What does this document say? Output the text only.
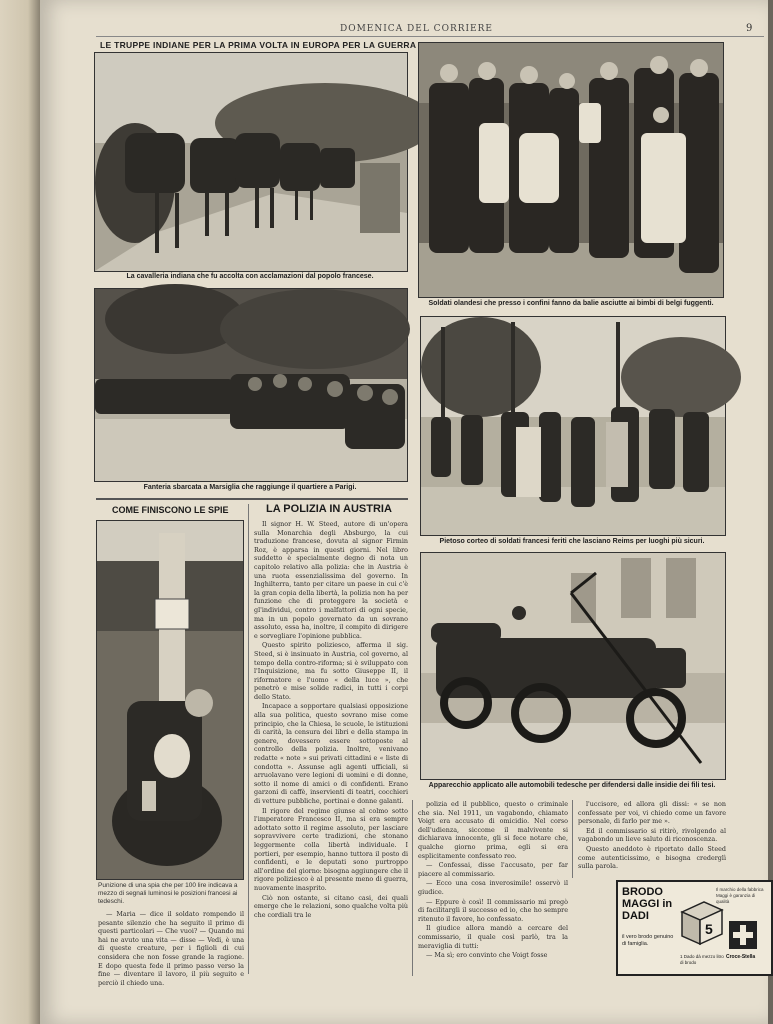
DOMENICA DEL CORRIERE	9
LE TRUPPE INDIANE PER LA PRIMA VOLTA IN EUROPA PER LA GUERRA
La cavalleria indiana che fu accolta con acclamazioni dal popolo francese.
Soldati olandesi che presso i confini fanno da balie asciutte ai bimbi di belgi fuggenti.
Fanteria sbarcata a Marsiglia che raggiunge il quartiere a Parigi.
Pietoso corteo di soldati francesi feriti che lasciano Reims per luoghi più sicuri.
Apparecchio applicato alle automobili tedesche per difendersi dalle insidie dei fili tesi.
COME FINISCONO LE SPIE
Punizione di una spia che per 100 lire indicava a mezzo di segnali luminosi le posizioni francesi ai tedeschi.

— Maria — dice il soldato rompendo il pesante silenzio che ha seguito il primo di questi particolari — Che vuoi? — Quando mi hai ne avuto una vita — disse — Vedi, è una di queste creature, per i figlioli di cui considera che non fosse grande la ragione. E dopo questa fede il primo passo verso la fine — diventare il lavoro, il più seguito e perciò il chiedo una.

LA POLIZIA IN AUSTRIA

Il signor H. W. Steed, autore di un'opera sulla Monarchia degli Absburgo, la cui traduzione francese, dovuta al signor Firmin Roz, è apparsa in questi giorni. Nel libro suddetto è specialmente degno di nota un capitolo relativo alla polizia: che in Austria è una ruota essenzialissima del governo. In Inghilterra, tanto per citare un paese in cui c'è la gran copia della libertà, la polizia non ha per funzione che di proteggere la società e gl'individui, contro i malfattori di ogni specie, ma in un popolo governato da un sovrano assoluto, essa ha, inoltre, il compito di dirigere e sorvegliare l'opinione pubblica.

Questo spirito poliziesco, afferma il sig. Steed, si è insinuato in Austria, col governo, al tempo della contro-riforma; si è sviluppato con l'Inquisizione, ma fu sotto Giuseppe II, il riformatore e l'uomo « della luce », che penetrò e mise solide radici, in tutti i corpi dello Stato.

Incapace a sopportare qualsiasi opposizione alla sua politica, questo sovrano mise come principio, che la Chiesa, le scuole, le istituzioni di carità, la censura dei libri e della stampa in genere, dovessero essere sottoposte al controllo della polizia. Inoltre, venivano redatte « note » sui privati cittadini e « liste di condotta ». Assunse agli agenti ufficiali, si arruolavano vere legioni di uomini e di donne, sotto il nome di amici o di confidenti. Erano garzoni di caffè, inservienti di teatri, cocchieri di vetture pubbliche, portinai e donne galanti.

Il rigore del regime giunse al colmo sotto l'imperatore Francesco II, ma si era sempre adottato sotto il regime assoluto, per lasciare sopravvivere certe tradizioni, che stonano leggermente colla libertà individuale. I portieri, per esempio, hanno tuttora il posto di confidenti, e le deputati sono purtroppo all'ordine del giorno: bisogna aggiungere che il rigore poliziesco è al presente meno di guerra, nuovamente inasprito.

Ciò non ostante, si citano casi, dei quali emerge che le relazioni, sono qualche volta più che cordiali tra le

polizia ed il pubblico, questo o criminale che sia. Nel 1911, un vagabondo, chiamato Voigt era accusato di omicidio. Nel corso dell'udienza, siccome il malvivente si dichiarava innocente, gli si fece notare che, qualche giorno prima, egli si era esplicitamente confessato reo.

— Confessai, disse l'accusato, per far piacere al commissario.

— Ecco una cosa inverosimile! osservò il giudice.

— Eppure è così! Il commissario mi pregò di facilitargli il successo ed io, che ho sempre ritenuto il favore, ho confessato.

Il giudice allora mandò a cercare del commissario, il quale così parlò, tra la meraviglia di tutti:

— Ma sì; ero convinto che Voigt fosse

l'uccisore, ed allora gli dissi: « se non confessate per voi, vi chiedo come un favore personale, di farlo per me ».

Ed il commissario si ritirò, rivolgendo al vagabondo un lieve saluto di riconoscenza.

Questo aneddoto è riportato dallo Steed come autenticissimo, e bisogna crederglì sulla parola.

BRODO MAGGI in DADI
il vero brodo genuino di famiglia.
Il marchio della fabbrica Maggi è garanzia di qualità
5
Croce-Stella
1 Dado dà mezzo litro di brodo
